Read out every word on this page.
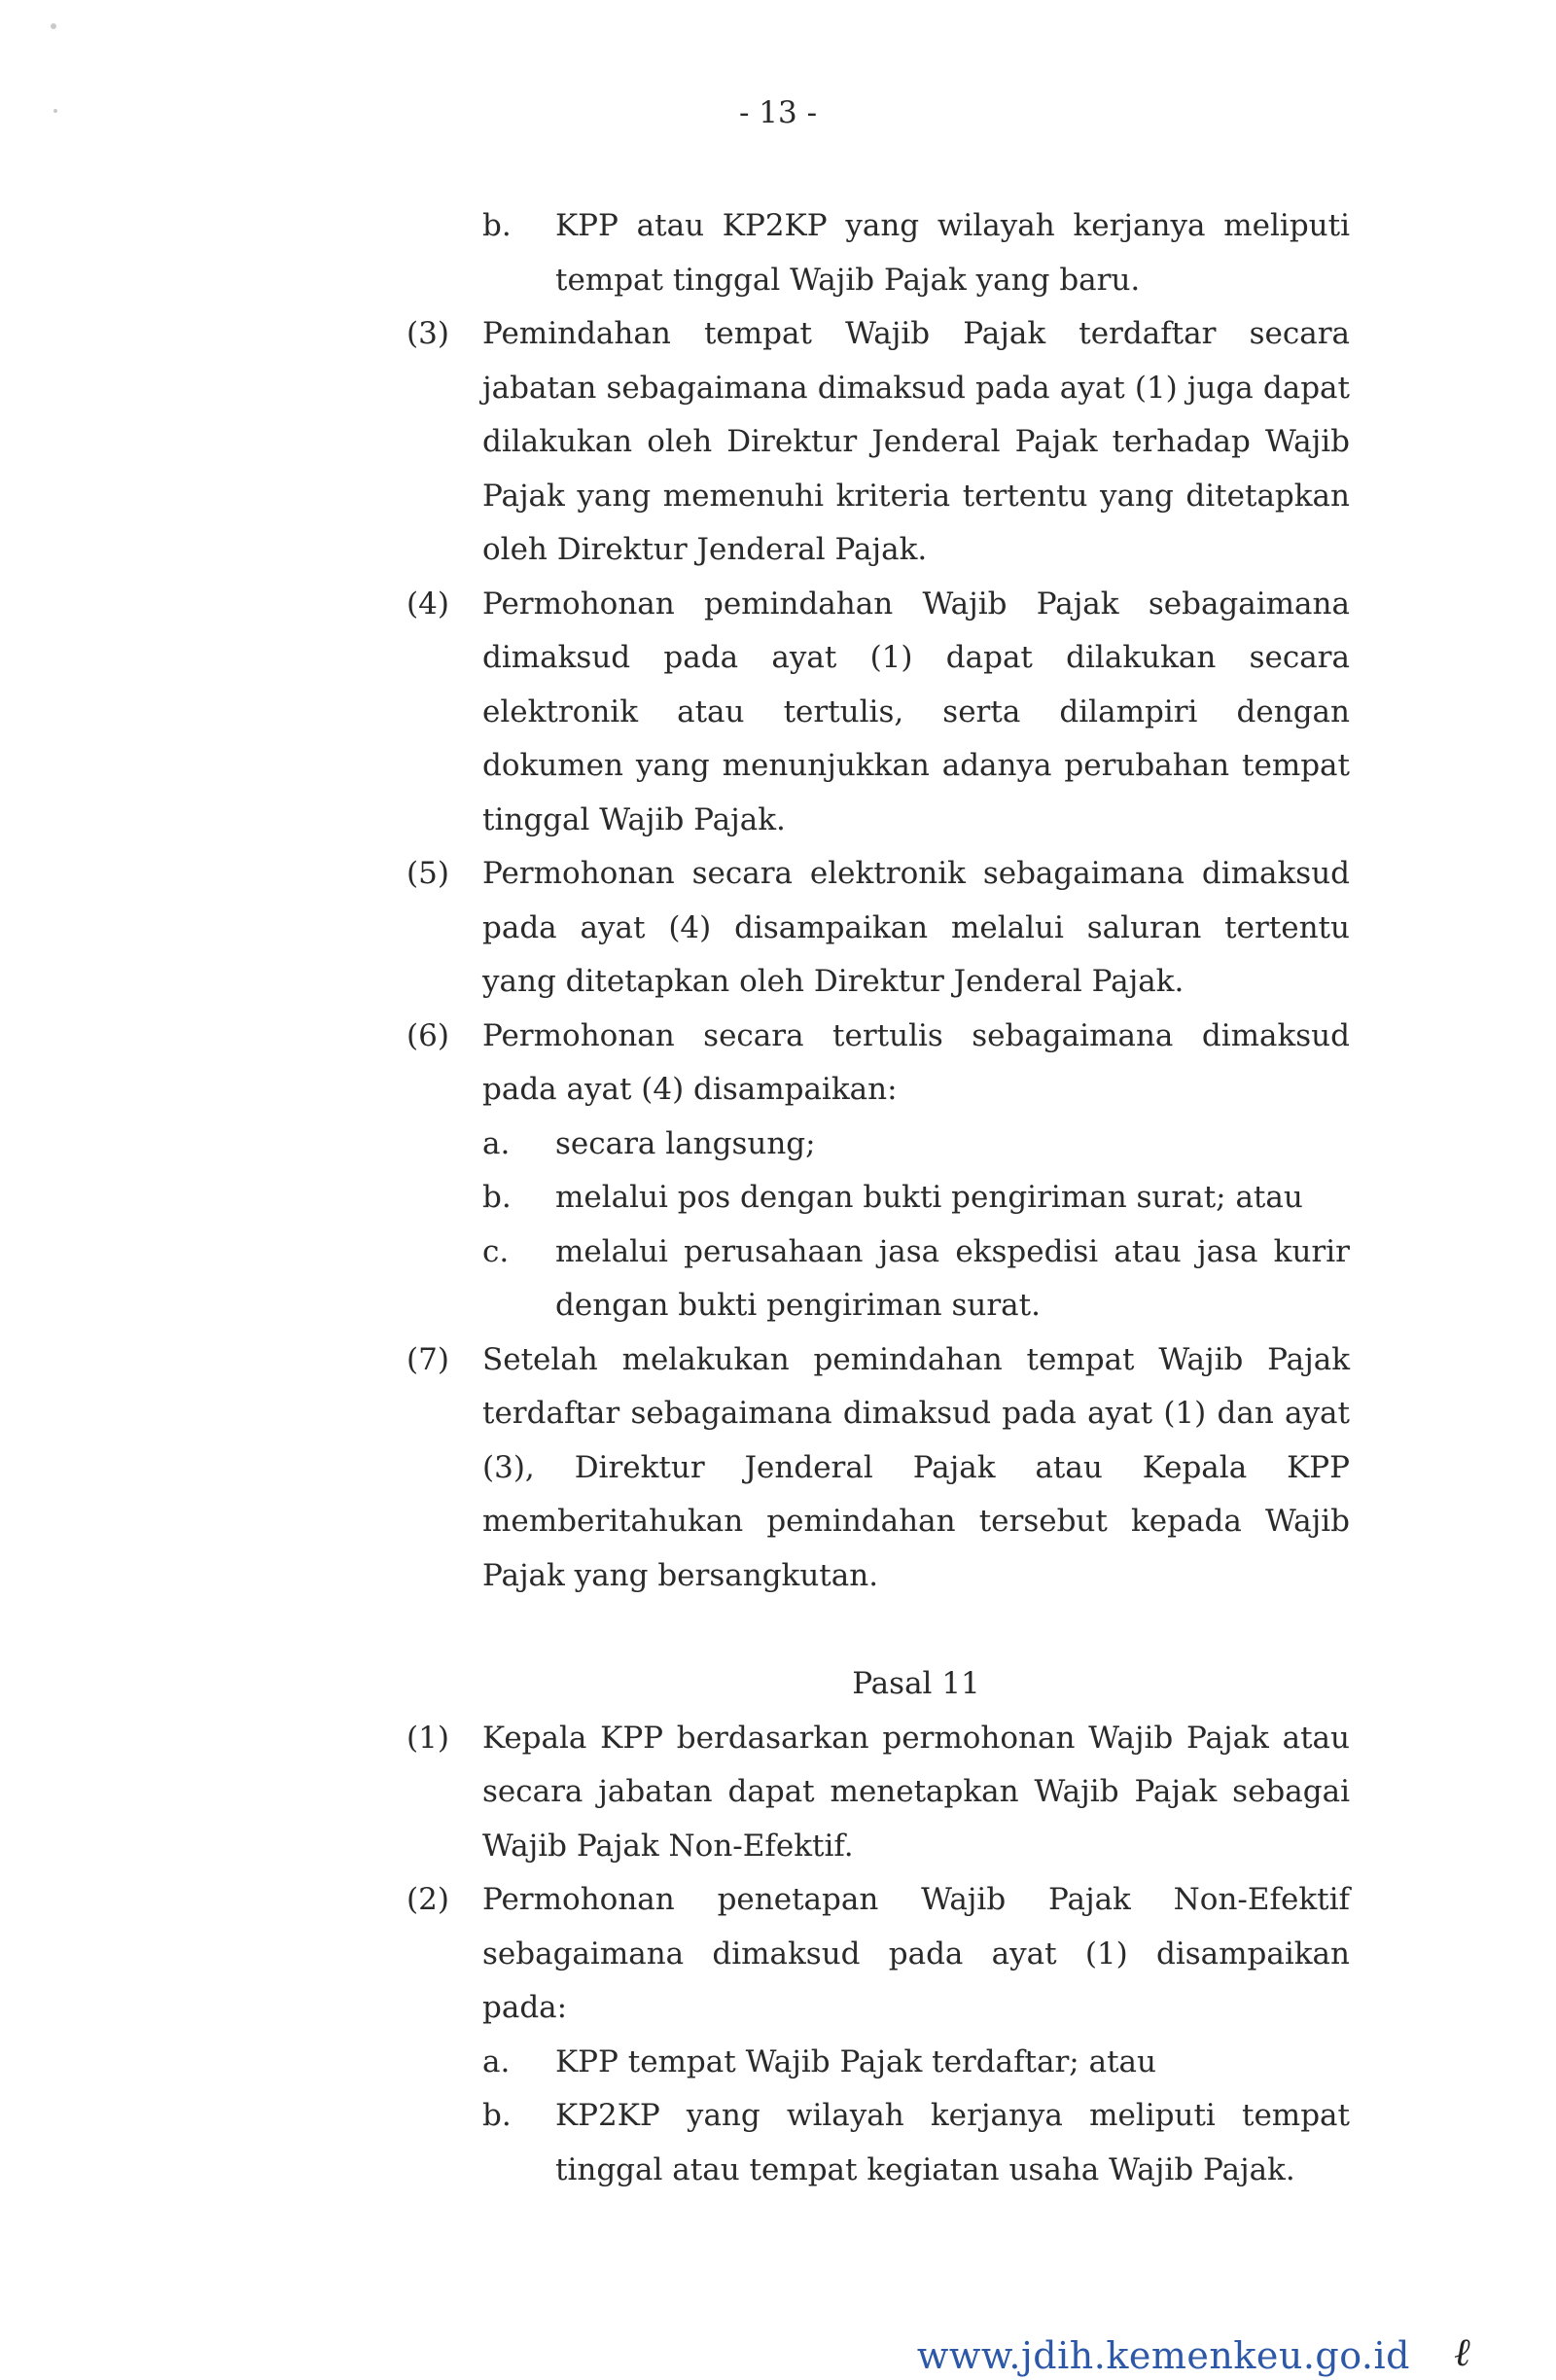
- 13 -
b. KPP atau KP2KP yang wilayah kerjanya meliputi tempat tinggal Wajib Pajak yang baru.
(3) Pemindahan tempat Wajib Pajak terdaftar secara jabatan sebagaimana dimaksud pada ayat (1) juga dapat dilakukan oleh Direktur Jenderal Pajak terhadap Wajib Pajak yang memenuhi kriteria tertentu yang ditetapkan oleh Direktur Jenderal Pajak.
(4) Permohonan pemindahan Wajib Pajak sebagaimana dimaksud pada ayat (1) dapat dilakukan secara elektronik atau tertulis, serta dilampiri dengan dokumen yang menunjukkan adanya perubahan tempat tinggal Wajib Pajak.
(5) Permohonan secara elektronik sebagaimana dimaksud pada ayat (4) disampaikan melalui saluran tertentu yang ditetapkan oleh Direktur Jenderal Pajak.
(6) Permohonan secara tertulis sebagaimana dimaksud pada ayat (4) disampaikan:
a. secara langsung;
b. melalui pos dengan bukti pengiriman surat; atau
c. melalui perusahaan jasa ekspedisi atau jasa kurir dengan bukti pengiriman surat.
(7) Setelah melakukan pemindahan tempat Wajib Pajak terdaftar sebagaimana dimaksud pada ayat (1) dan ayat (3), Direktur Jenderal Pajak atau Kepala KPP memberitahukan pemindahan tersebut kepada Wajib Pajak yang bersangkutan.
Pasal 11
(1) Kepala KPP berdasarkan permohonan Wajib Pajak atau secara jabatan dapat menetapkan Wajib Pajak sebagai Wajib Pajak Non-Efektif.
(2) Permohonan penetapan Wajib Pajak Non-Efektif sebagaimana dimaksud pada ayat (1) disampaikan pada:
a. KPP tempat Wajib Pajak terdaftar; atau
b. KP2KP yang wilayah kerjanya meliputi tempat tinggal atau tempat kegiatan usaha Wajib Pajak.
www.jdih.kemenkeu.go.id ℓ
